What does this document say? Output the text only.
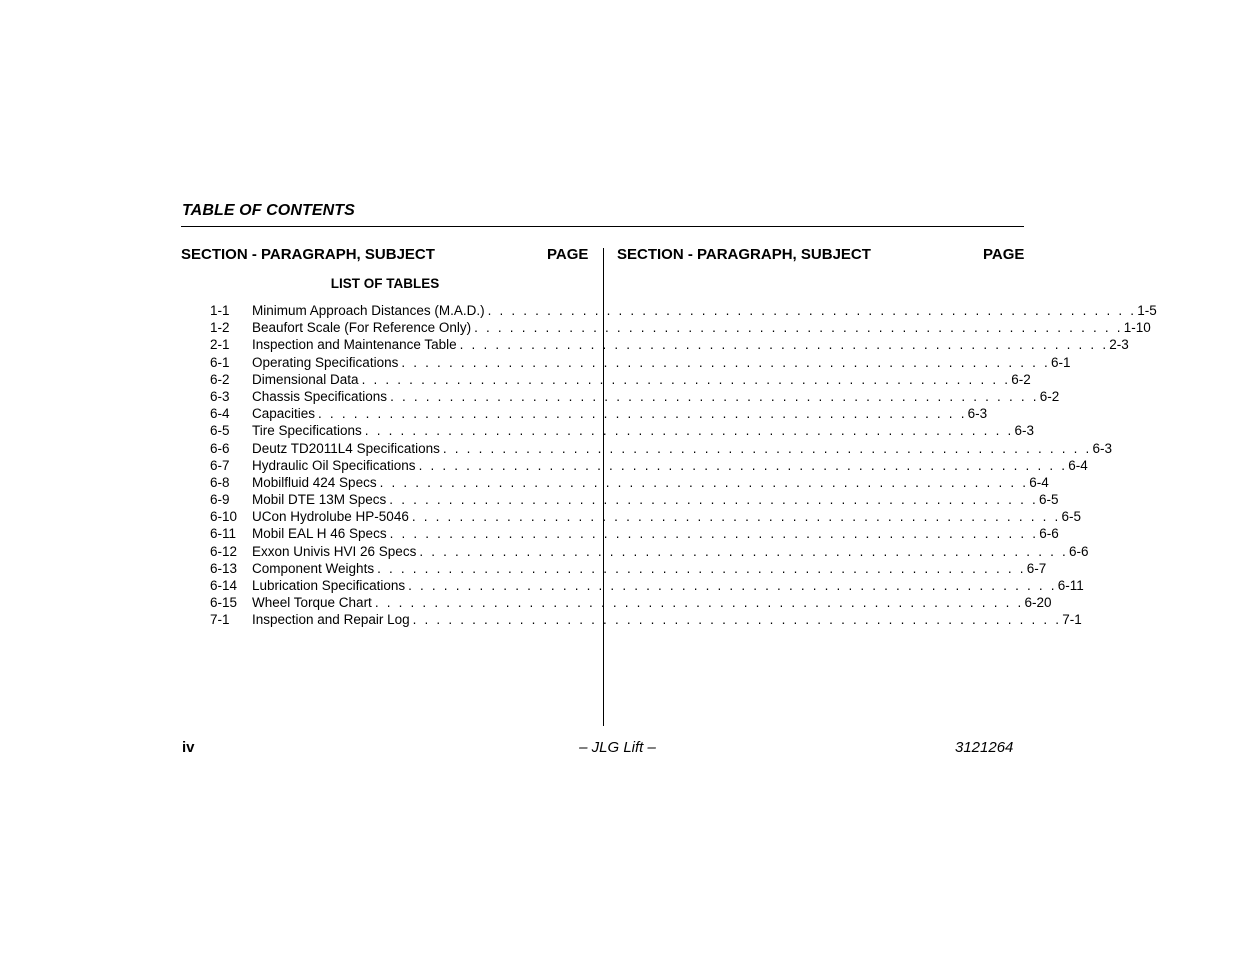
TABLE OF CONTENTS
SECTION - PARAGRAPH, SUBJECT	PAGE SECTION - PARAGRAPH, SUBJECT	PAGE
LIST OF TABLES
1-1	Minimum Approach Distances (M.A.D.) . . . . . . . . . . . . . . . . . . . . . . . . . . . . . . . . . . . . . . . . . . . . . . . . . . . . . . . 1-5
1-2	Beaufort Scale (For Reference Only) . . . . . . . . . . . . . . . . . . . . . . . . . . . . . . . . . . . . . . . . . . . . . . . . . . . . . . . 1-10
2-1	Inspection and Maintenance Table . . . . . . . . . . . . . . . . . . . . . . . . . . . . . . . . . . . . . . . . . . . . . . . . . . . . . . . 2-3
6-1	Operating Specifications . . . . . . . . . . . . . . . . . . . . . . . . . . . . . . . . . . . . . . . . . . . . . . . . . . . . . . . 6-1
6-2	Dimensional Data . . . . . . . . . . . . . . . . . . . . . . . . . . . . . . . . . . . . . . . . . . . . . . . . . . . . . . . 6-2
6-3	Chassis Specifications . . . . . . . . . . . . . . . . . . . . . . . . . . . . . . . . . . . . . . . . . . . . . . . . . . . . . . . 6-2
6-4	Capacities . . . . . . . . . . . . . . . . . . . . . . . . . . . . . . . . . . . . . . . . . . . . . . . . . . . . . . . 6-3
6-5	Tire Specifications . . . . . . . . . . . . . . . . . . . . . . . . . . . . . . . . . . . . . . . . . . . . . . . . . . . . . . . 6-3
6-6	Deutz TD2011L4 Specifications . . . . . . . . . . . . . . . . . . . . . . . . . . . . . . . . . . . . . . . . . . . . . . . . . . . . . . . 6-3
6-7	Hydraulic Oil Specifications . . . . . . . . . . . . . . . . . . . . . . . . . . . . . . . . . . . . . . . . . . . . . . . . . . . . . . . 6-4
6-8	Mobilfluid 424 Specs . . . . . . . . . . . . . . . . . . . . . . . . . . . . . . . . . . . . . . . . . . . . . . . . . . . . . . . 6-4
6-9	Mobil DTE 13M Specs . . . . . . . . . . . . . . . . . . . . . . . . . . . . . . . . . . . . . . . . . . . . . . . . . . . . . . . 6-5
6-10	UCon Hydrolube HP-5046 . . . . . . . . . . . . . . . . . . . . . . . . . . . . . . . . . . . . . . . . . . . . . . . . . . . . . . . 6-5
6-11	Mobil EAL H 46 Specs . . . . . . . . . . . . . . . . . . . . . . . . . . . . . . . . . . . . . . . . . . . . . . . . . . . . . . . 6-6
6-12	Exxon Univis HVI 26 Specs . . . . . . . . . . . . . . . . . . . . . . . . . . . . . . . . . . . . . . . . . . . . . . . . . . . . . . . 6-6
6-13	Component Weights . . . . . . . . . . . . . . . . . . . . . . . . . . . . . . . . . . . . . . . . . . . . . . . . . . . . . . . 6-7
6-14	Lubrication Specifications . . . . . . . . . . . . . . . . . . . . . . . . . . . . . . . . . . . . . . . . . . . . . . . . . . . . . . . 6-11
6-15	Wheel Torque Chart . . . . . . . . . . . . . . . . . . . . . . . . . . . . . . . . . . . . . . . . . . . . . . . . . . . . . . . 6-20
7-1	Inspection and Repair Log . . . . . . . . . . . . . . . . . . . . . . . . . . . . . . . . . . . . . . . . . . . . . . . . . . . . . . . 7-1
iv	– JLG Lift –	3121264
